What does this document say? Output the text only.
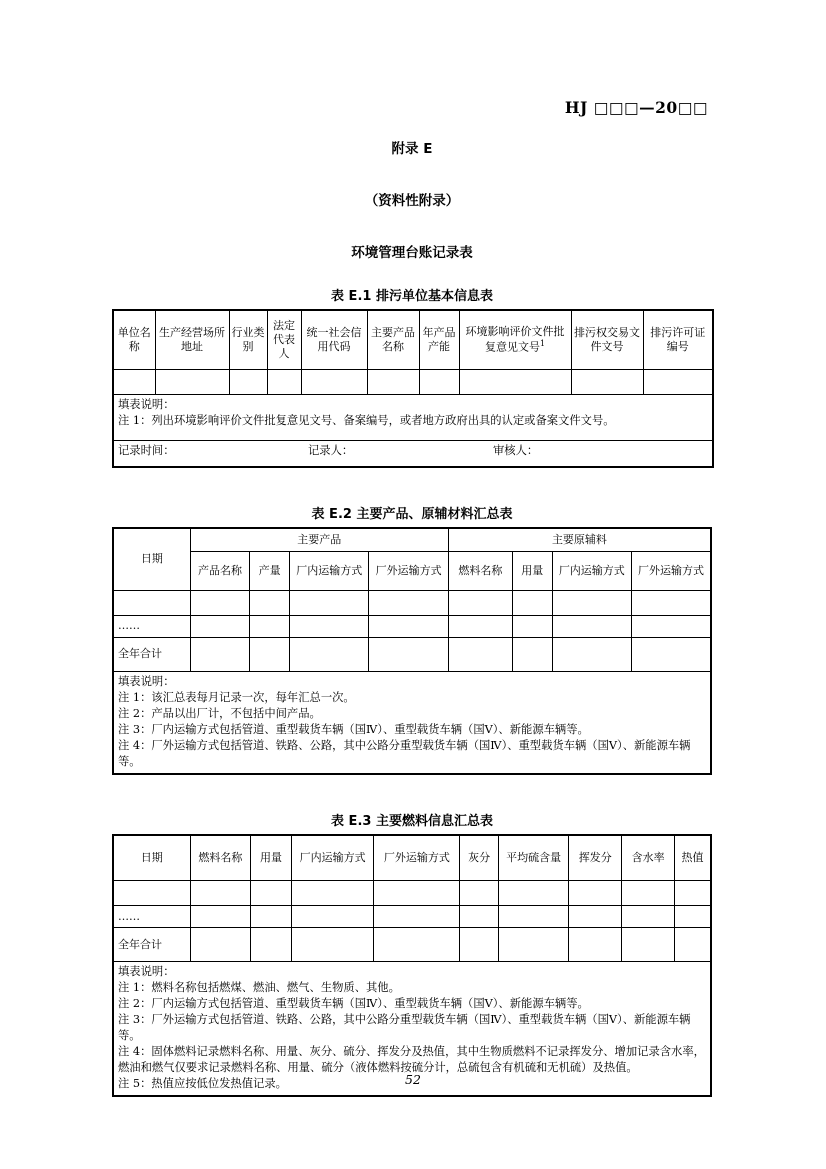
HJ □□□—20□□
附录 E
（资料性附录）
环境管理台账记录表
表 E.1 排污单位基本信息表
单位名称	生产经营场所地址	行业类别	法定代表人	统一社会信用代码	主要产品名称	年产品产能	环境影响评价文件批复意见文号$^1$	排污权交易文件文号	排污许可证编号

填表说明：
注 1：列出环境影响评价文件批复意见文号、备案编号，或者地方政府出具的认定或备案文件文号。									

记录时间： 记录人： 审核人：									
表 E.2 主要产品、原辅材料汇总表
日期	主要产品				主要原辅料			
	产品名称	产量	厂内运输方式	厂外运输方式	燃料名称	用量	厂内运输方式	厂外运输方式

……								
全年合计								

填表说明：
注 1：该汇总表每月记录一次，每年汇总一次。
注 2：产品以出厂计，不包括中间产品。
注 3：厂内运输方式包括管道、重型载货车辆（国Ⅳ）、重型载货车辆（国Ⅴ）、新能源车辆等。
注 4：厂外运输方式包括管道、铁路、公路，其中公路分重型载货车辆（国Ⅳ）、重型载货车辆（国Ⅴ）、新能源车辆等。								
表 E.3 主要燃料信息汇总表
日期	燃料名称	用量	厂内运输方式	厂外运输方式	灰分	平均硫含量	挥发分	含水率	热值

……									
全年合计									

填表说明：
注 1：燃料名称包括燃煤、燃油、燃气、生物质、其他。
注 2：厂内运输方式包括管道、重型载货车辆（国Ⅳ）、重型载货车辆（国Ⅴ）、新能源车辆等。
注 3：厂外运输方式包括管道、铁路、公路，其中公路分重型载货车辆（国Ⅳ）、重型载货车辆（国Ⅴ）、新能源车辆等。
注 4：固体燃料记录燃料名称、用量、灰分、硫分、挥发分及热值，其中生物质燃料不记录挥发分、增加记录含水率，燃油和燃气仅要求记录燃料名称、用量、硫分（液体燃料按硫分计，总硫包含有机硫和无机硫）及热值。
注 5：热值应按低位发热值记录。	52
